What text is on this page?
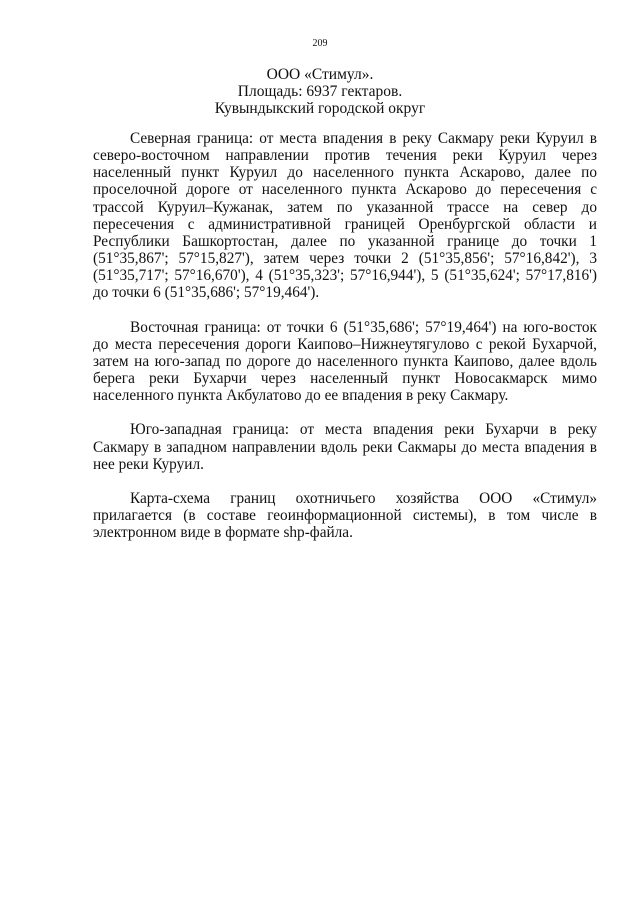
209
ООО «Стимул».
Площадь: 6937 гектаров.
Кувындыкский городской округ

Северная граница: от места впадения в реку Сакмару реки Куруил в северо-восточном направлении против течения реки Куруил через населенный пункт Куруил до населенного пункта Аскарово, далее по проселочной дороге от населенного пункта Аскарово до пересечения с трассой Куруил–Кужанак, затем по указанной трассе на север до пересечения с административной границей Оренбургской области и Республики Башкортостан, далее по указанной границе до точки 1 (51°35,867'; 57°15,827'), затем через точки 2 (51°35,856'; 57°16,842'), 3 (51°35,717'; 57°16,670'), 4 (51°35,323'; 57°16,944'), 5 (51°35,624'; 57°17,816') до точки 6 (51°35,686'; 57°19,464').

Восточная граница: от точки 6 (51°35,686'; 57°19,464') на юго-восток до места пересечения дороги Каипово–Нижнеутягулово с рекой Бухарчой, затем на юго-запад по дороге до населенного пункта Каипово, далее вдоль берега реки Бухарчи через населенный пункт Новосакмарск мимо населенного пункта Акбулатово до ее впадения в реку Сакмару.

Юго-западная граница: от места впадения реки Бухарчи в реку Сакмару в западном направлении вдоль реки Сакмары до места впадения в нее реки Куруил.

Карта-схема границ охотничьего хозяйства ООО «Стимул» прилагается (в составе геоинформационной системы), в том числе в электронном виде в формате shp-файла.
